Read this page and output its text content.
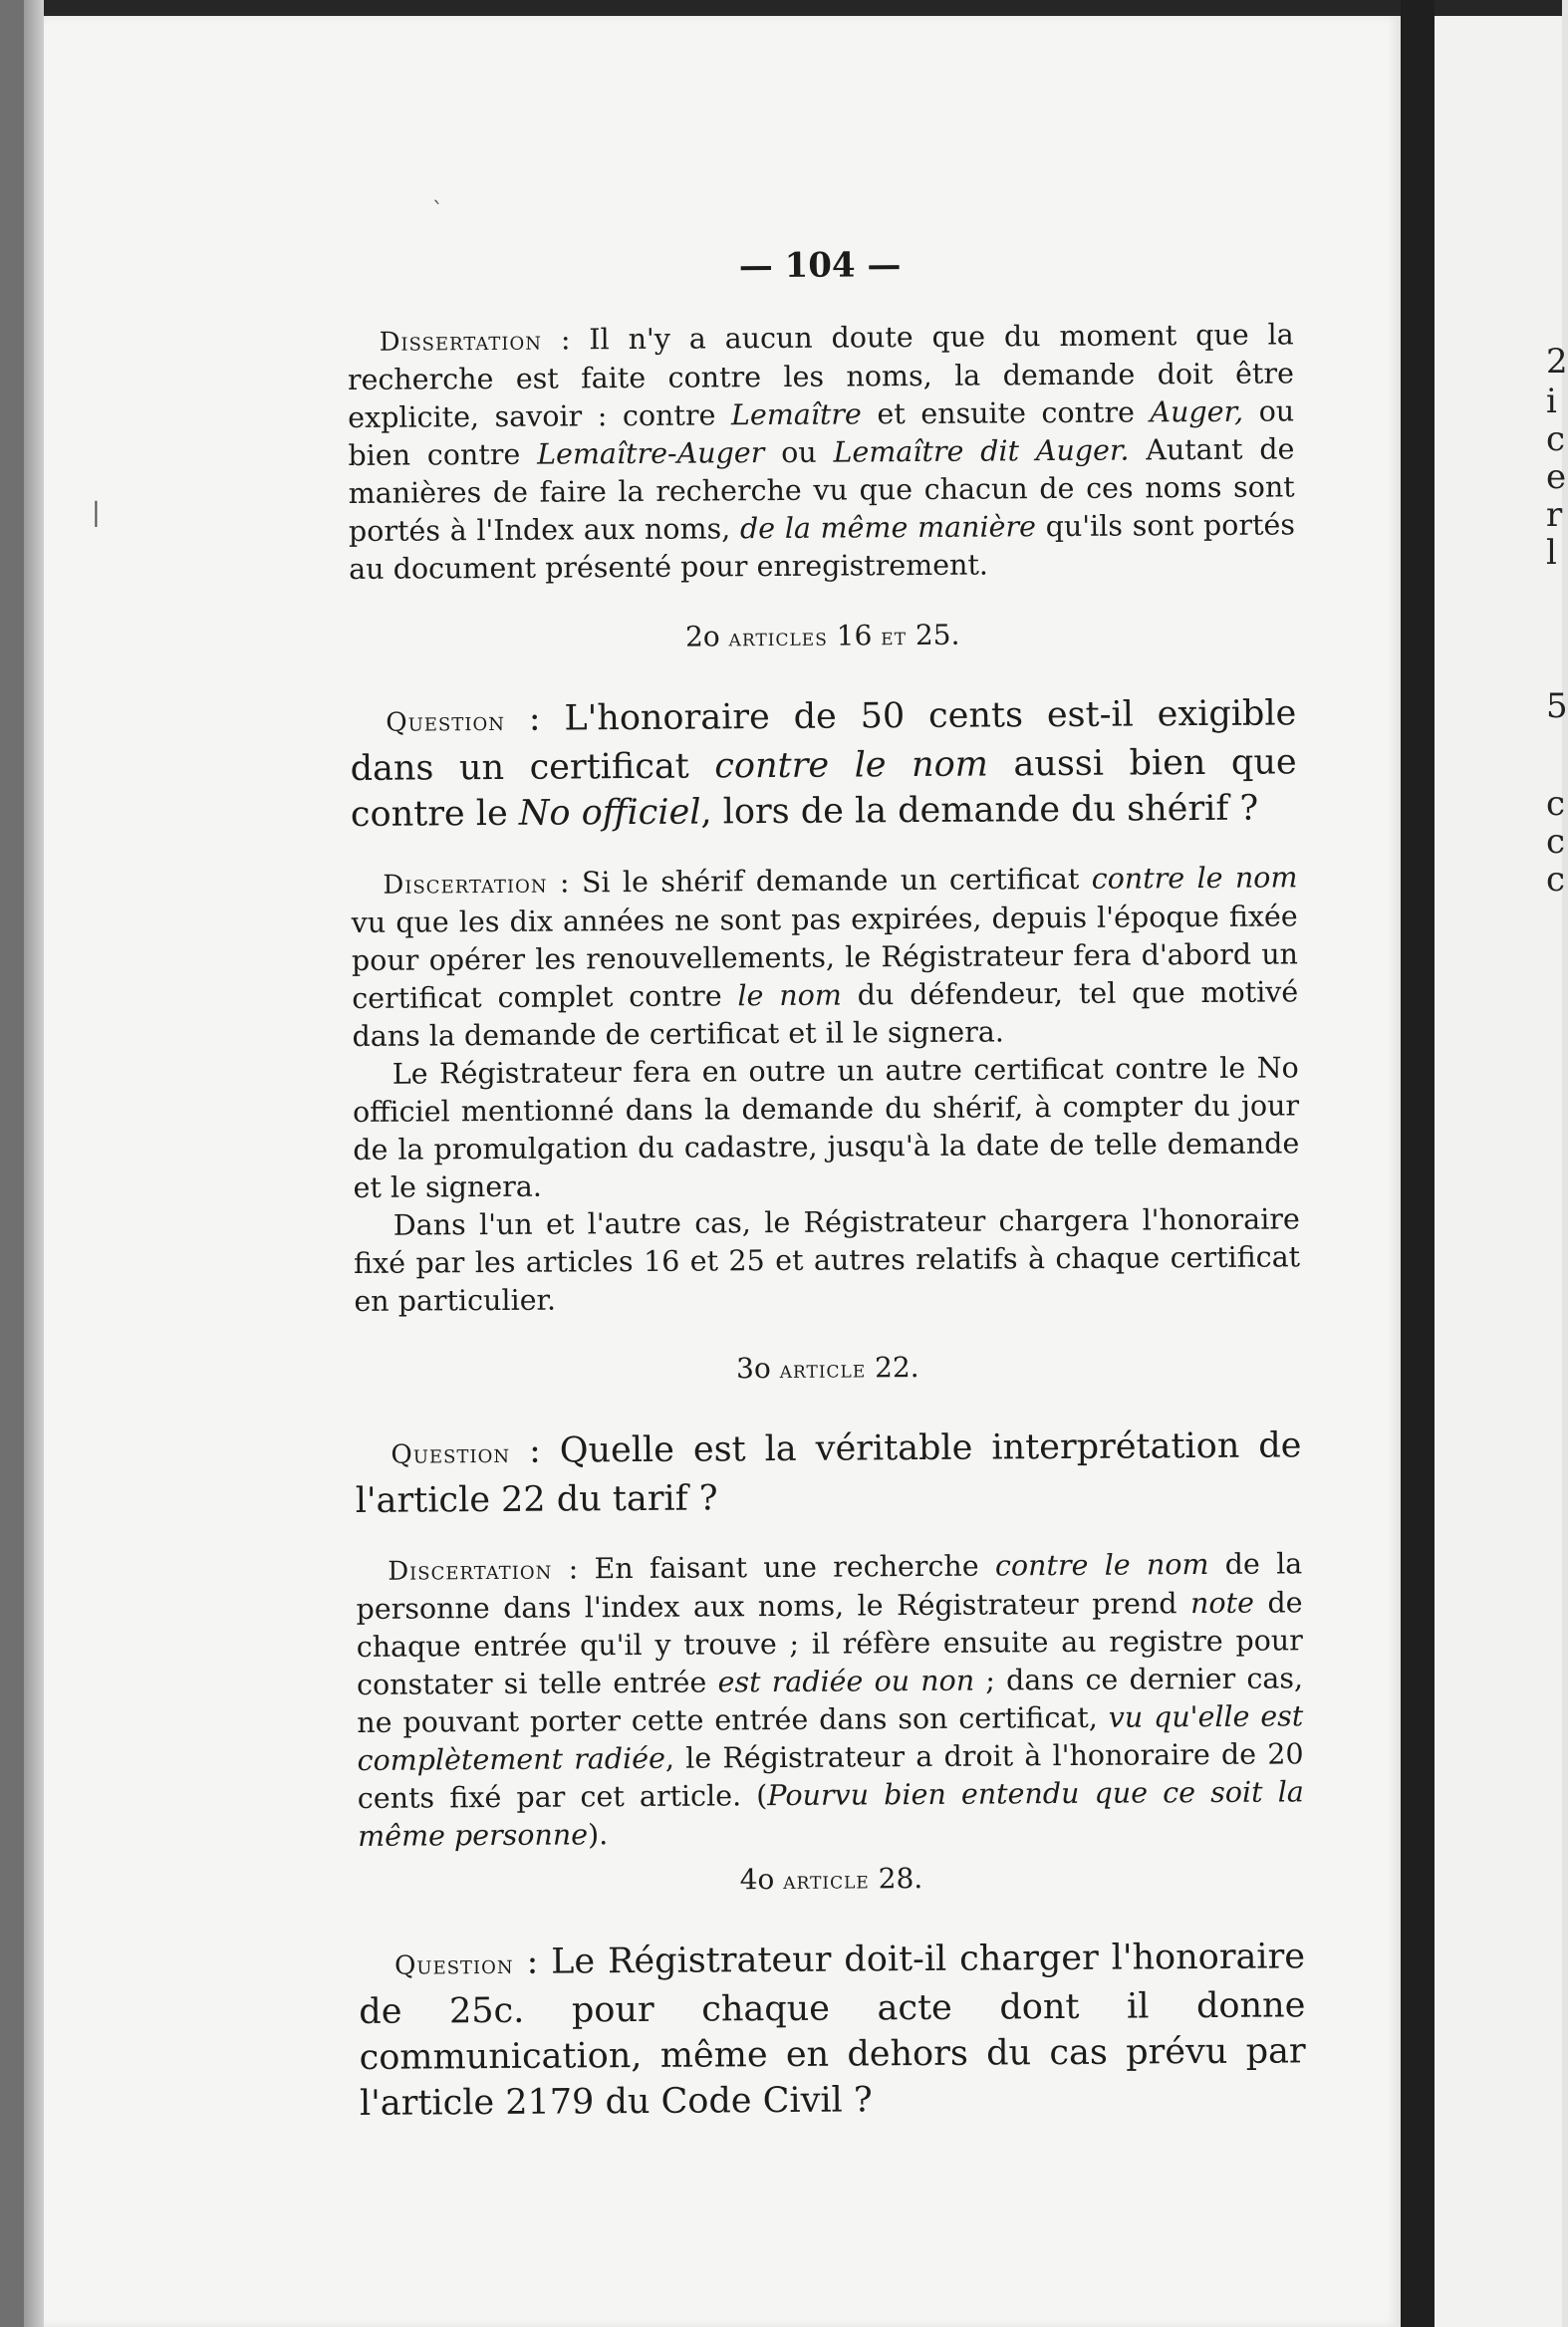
`
|
— 104 —

Dissertation : Il n'y a aucun doute que du moment que la recherche est faite contre les noms, la demande doit être explicite, savoir : contre Lemaître et ensuite contre Auger, ou bien contre Lemaître-Auger ou Lemaître dit Auger. Autant de manières de faire la recherche vu que chacun de ces noms sont portés à l'Index aux noms, de la même manière qu'ils sont portés au document présenté pour enregistrement.

2o articles 16 et 25.

Question : L'honoraire de 50 cents est-il exigible dans un certificat contre le nom aussi bien que contre le No officiel, lors de la demande du shérif ?

Discertation : Si le shérif demande un certificat contre le nom vu que les dix années ne sont pas expirées, depuis l'époque fixée pour opérer les renouvellements, le Régistrateur fera d'abord un certificat complet contre le nom du défendeur, tel que motivé dans la demande de certificat et il le signera.

Le Régistrateur fera en outre un autre certificat contre le No officiel mentionné dans la demande du shérif, à compter du jour de la promulgation du cadastre, jusqu'à la date de telle demande et le signera.

Dans l'un et l'autre cas, le Régistrateur chargera l'honoraire fixé par les articles 16 et 25 et autres relatifs à chaque certificat en particulier.

3o article 22.

Question : Quelle est la véritable interprétation de l'article 22 du tarif ?

Discertation : En faisant une recherche contre le nom de la personne dans l'index aux noms, le Régistrateur prend note de chaque entrée qu'il y trouve ; il réfère ensuite au registre pour constater si telle entrée est radiée ou non ; dans ce dernier cas, ne pouvant porter cette entrée dans son certificat, vu qu'elle est complètement radiée, le Régistrateur a droit à l'honoraire de 20 cents fixé par cet article. (Pourvu bien entendu que ce soit la même personne).

4o article 28.

Question : Le Régistrateur doit-il charger l'honoraire de 25c. pour chaque acte dont il donne communication, même en dehors du cas prévu par l'article 2179 du Code Civil ?

2
i
c
e
r
l
5
c
c
c
